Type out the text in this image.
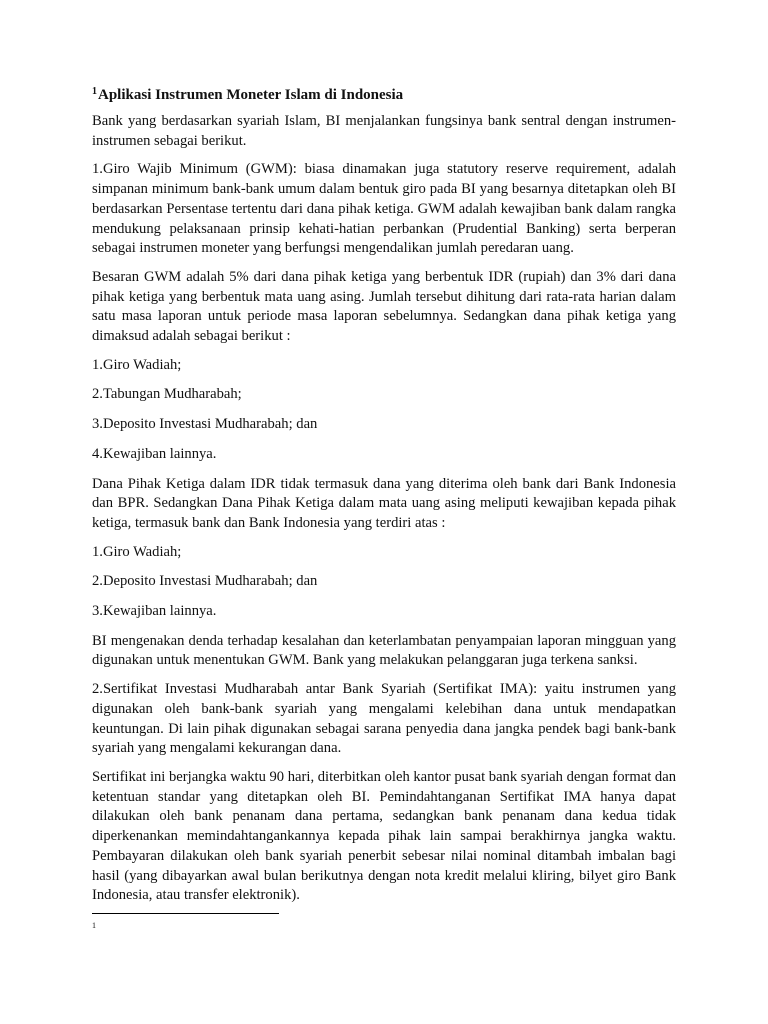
$^1$Aplikasi Instrumen Moneter Islam di Indonesia

Bank yang berdasarkan syariah Islam, BI menjalankan fungsinya bank sentral dengan instrumen-instrumen sebagai berikut.

1.Giro Wajib Minimum (GWM): biasa dinamakan juga statutory reserve requirement, adalah simpanan minimum bank-bank umum dalam bentuk giro pada BI yang besarnya ditetapkan oleh BI berdasarkan Persentase tertentu dari dana pihak ketiga. GWM adalah kewajiban bank dalam rangka mendukung pelaksanaan prinsip kehati-hatian perbankan (Prudential Banking) serta berperan sebagai instrumen moneter yang berfungsi mengendalikan jumlah peredaran uang.

Besaran GWM adalah 5% dari dana pihak ketiga yang berbentuk IDR (rupiah) dan 3% dari dana pihak ketiga yang berbentuk mata uang asing. Jumlah tersebut dihitung dari rata-rata harian dalam satu masa laporan untuk periode masa laporan sebelumnya. Sedangkan dana pihak ketiga yang dimaksud adalah sebagai berikut :

1.Giro Wadiah;

2.Tabungan Mudharabah;

3.Deposito Investasi Mudharabah; dan

4.Kewajiban lainnya.

Dana Pihak Ketiga dalam IDR tidak termasuk dana yang diterima oleh bank dari Bank Indonesia dan BPR. Sedangkan Dana Pihak Ketiga dalam mata uang asing meliputi kewajiban kepada pihak ketiga, termasuk bank dan Bank Indonesia yang terdiri atas :

1.Giro Wadiah;

2.Deposito Investasi Mudharabah; dan

3.Kewajiban lainnya.

BI mengenakan denda terhadap kesalahan dan keterlambatan penyampaian laporan mingguan yang digunakan untuk menentukan GWM. Bank yang melakukan pelanggaran juga terkena sanksi.

2.Sertifikat Investasi Mudharabah antar Bank Syariah (Sertifikat IMA): yaitu instrumen yang digunakan oleh bank-bank syariah yang mengalami kelebihan dana untuk mendapatkan keuntungan. Di lain pihak digunakan sebagai sarana penyedia dana jangka pendek bagi bank-bank syariah yang mengalami kekurangan dana.

Sertifikat ini berjangka waktu 90 hari, diterbitkan oleh kantor pusat bank syariah dengan format dan ketentuan standar yang ditetapkan oleh BI. Pemindahtanganan Sertifikat IMA hanya dapat dilakukan oleh bank penanam dana pertama, sedangkan bank penanam dana kedua tidak diperkenankan memindahtangankannya kepada pihak lain sampai berakhirnya jangka waktu. Pembayaran dilakukan oleh bank syariah penerbit sebesar nilai nominal ditambah imbalan bagi hasil (yang dibayarkan awal bulan berikutnya dengan nota kredit melalui kliring, bilyet giro Bank Indonesia, atau transfer elektronik).

1
